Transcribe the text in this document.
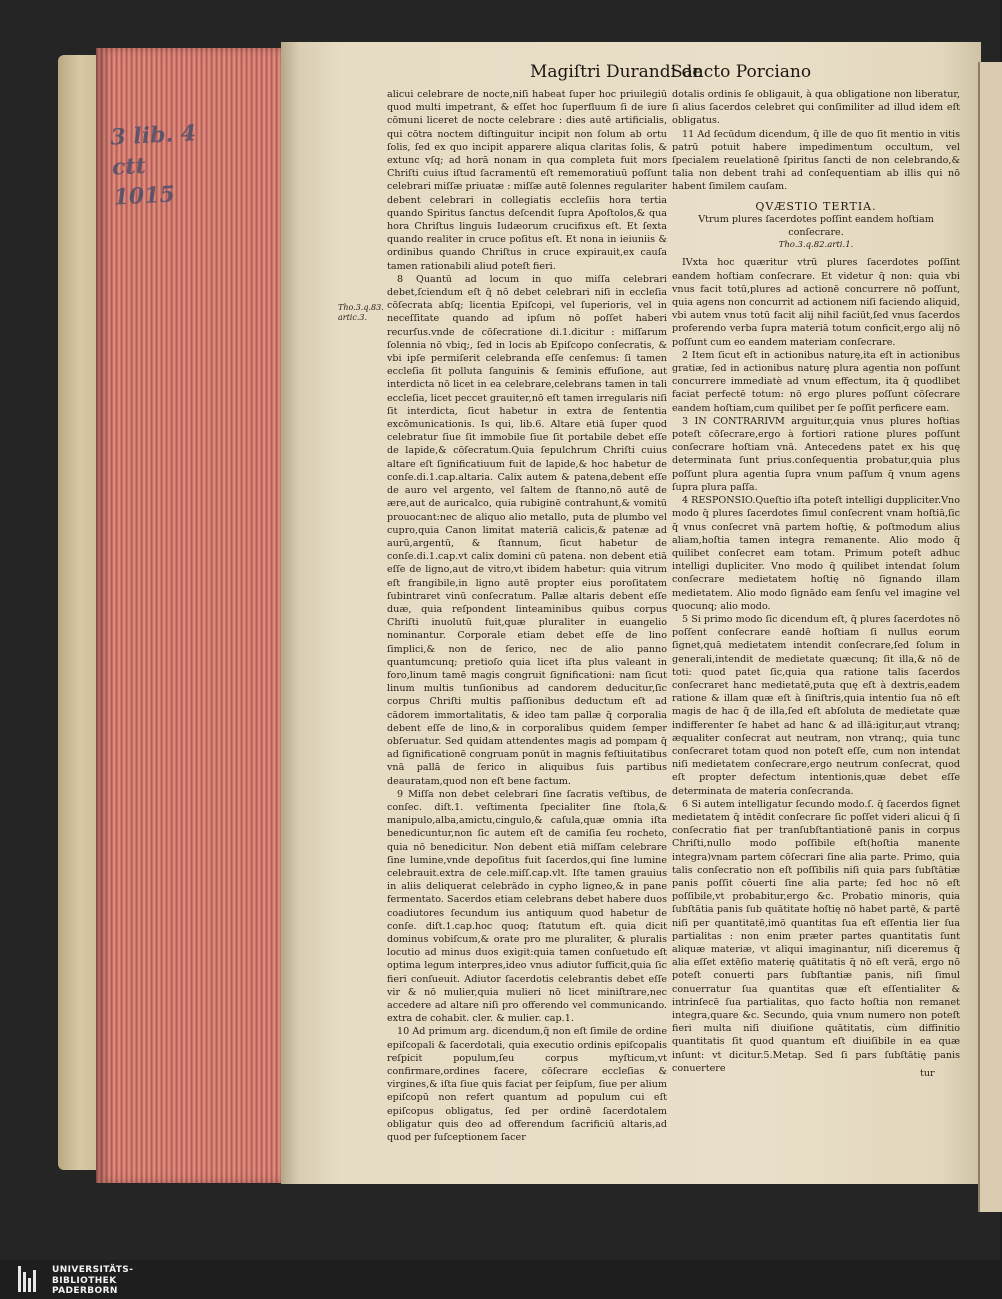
3 lib. 4 ctt
1015
Magiſtri Durandi de
Sancto Porciano
Tho.3.q.83. artic.3.

alicui celebrare de nocte,niſi habeat ſuper hoc priuilegiū quod multi impetrant, & eſſet hoc ſuperfluum ſi de iure cōmuni liceret de nocte celebrare : dies autē artificialis, qui cōtra noctem diſtinguitur incipit non ſolum ab ortu ſolis, ſed ex quo incipit apparere aliqua claritas ſolis, & extunc vſq; ad horā nonam in qua completa fuit mors Chriſti cuius iſtud ſacramentū eſt rememoratiuū poſſunt celebrari miſſæ priuatæ : miſſæ autē ſolennes regulariter debent celebrari in collegiatis eccleſiis hora tertia quando Spiritus ſanctus deſcendit ſupra Apoſtolos,& qua hora Chriſtus linguis Iudæorum crucifixus eſt. Et ſexta quando realiter in cruce poſitus eſt. Et nona in ieiuniis & ordinibus quando Chriſtus in cruce expirauit,ex cauſa tamen rationabili aliud poteſt fieri.

8 Quantū ad locum in quo miſſa celebrari debet,ſciendum eſt q̄ nō debet celebrari niſi in eccleſia cōſecrata abſq; licentia Epiſcopi, vel ſuperioris, vel in neceſſitate quando ad ipſum nō poſſet haberi recurſus.vnde de cōſecratione di.1.dicitur : miſſarum ſolennia nō vbiq;, ſed in locis ab Epiſcopo conſecratis, & vbi ipſe permiſerit celebranda eſſe cenſemus: ſi tamen eccleſia ſit polluta ſanguinis & ſeminis effuſione, aut interdicta nō licet in ea celebrare,celebrans tamen in tali eccleſia, licet peccet grauiter,nō eſt tamen irregularis niſi ſit interdicta, ſicut habetur in extra de ſententia excōmunicationis. Is qui, lib.6. Altare etiā ſuper quod celebratur ſiue ſit immobile ſiue ſit portabile debet eſſe de lapide,& cōſecratum.Quia ſepulchrum Chriſti cuius altare eſt ſignificatiuum fuit de lapide,& hoc habetur de conſe.di.1.cap.altaria. Calix autem & patena,debent eſſe de auro vel argento, vel ſaltem de ſtanno,nō autē de ære,aut de auricalco, quia rubiginē contrahunt,& vomitū prouocant:nec de aliquo alio metallo, puta de plumbo vel cupro,quia Canon limitat materiā calicis,& patenæ ad aurū,argentū, & ſtannum, ſicut habetur de conſe.di.1.cap.vt calix domini cū patena. non debent etiā eſſe de ligno,aut de vitro,vt ibidem habetur: quia vitrum eſt frangibile,in ligno autē propter eius poroſitatem ſubintraret vinū conſecratum. Pallæ altaris debent eſſe duæ, quia reſpondent linteaminibus quibus corpus Chriſti inuolutū fuit,quæ pluraliter in euangelio nominantur. Corporale etiam debet eſſe de lino ſimplici,& non de ſerico, nec de alio panno quantumcunq; pretioſo quia licet iſta plus valeant in foro,linum tamē magis congruit ſignificationi: nam ſicut linum multis tunſionibus ad candorem deducitur,ſic corpus Chriſti multis paſſionibus deductum eſt ad cādorem immortalitatis, & ideo tam pallæ q̄ corporalia debent eſſe de lino,& in corporalibus quidem ſemper obſeruatur. Sed quidam attendentes magis ad pompam q̄ ad ſignificationē congruam ponūt in magnis feſtiuitatibus vnā pallā de ſerico in aliquibus ſuis partibus deauratam,quod non eſt bene factum.

9 Miſſa non debet celebrari ſine ſacratis veſtibus, de conſec. diſt.1. veſtimenta ſpecialiter ſine ſtola,& manipulo,alba,amictu,cingulo,& caſula,quæ omnia iſta benedicuntur,non ſic autem eſt de camiſia ſeu rocheto, quia nō benedicitur. Non debent etiā miſſam celebrare ſine lumine,vnde depoſitus fuit ſacerdos,qui ſine lumine celebrauit.extra de cele.miſſ.cap.vlt. Iſte tamen grauius in aliis deliquerat celebrādo in cypho ligneo,& in pane fermentato. Sacerdos etiam celebrans debet habere duos coadiutores ſecundum ius antiquum quod habetur de conſe. diſt.1.cap.hoc quoq; ſtatutum eſt. quia dicit dominus vobiſcum,& orate pro me pluraliter, & pluralis locutio ad minus duos exigit:quia tamen conſuetudo eſt optima legum interpres,ideo vnus adiutor ſufficit,quia ſic fieri conſueuit. Adiutor ſacerdotis celebrantis debet eſſe vir & nō mulier,quia mulieri nō licet miniſtrare,nec accedere ad altare niſi pro offerendo vel communicando. extra de cohabit. cler. & mulier. cap.1.

10 Ad primum arg. dicendum,q̄ non eſt ſimile de ordine epiſcopali & ſacerdotali, quia executio ordinis epiſcopalis reſpicit populum,ſeu corpus myſticum,vt confirmare,ordines facere, cōſecrare eccleſias & virgines,& iſta ſiue quis faciat per ſeipſum, ſiue per alium epiſcopū non refert quantum ad populum cui eſt epiſcopus obligatus, ſed per ordinē ſacerdotalem obligatur quis deo ad offerendum ſacrificiū altaris,ad quod per ſuſceptionem ſacer

dotalis ordinis ſe obligauit, à qua obligatione non liberatur, ſi alius ſacerdos celebret qui conſimiliter ad illud idem eſt obligatus.

11 Ad ſecūdum dicendum, q̄ ille de quo ſit mentio in vitis patrū potuit habere impedimentum occultum, vel ſpecialem reuelationē ſpiritus ſancti de non celebrando,& talia non debent trahi ad conſequentiam ab illis qui nō habent ſimilem cauſam.

QVÆSTIO TERTIA.

Vtrum plures ſacerdotes poſſint eandem hoſtiam conſecrare.

Tho.3.q.82.arti.1.

IVxta hoc quæritur vtrū plures ſacerdotes poſſint eandem hoſtiam conſecrare. Et videtur q̄ non: quia vbi vnus facit totū,plures ad actionē concurrere nō poſſunt, quia agens non concurrit ad actionem niſi faciendo aliquid, vbi autem vnus totū facit alij nihil faciūt,ſed vnus ſacerdos proferendo verba ſupra materiā totum conficit,ergo alij nō poſſunt cum eo eandem materiam conſecrare.

2 Item ſicut eſt in actionibus naturę,ita eſt in actionibus gratiæ, ſed in actionibus naturę plura agentia non poſſunt concurrere immediatè ad vnum effectum, ita q̄ quodlibet faciat perfectē totum: nō ergo plures poſſunt cōſecrare eandem hoſtiam,cum quilibet per ſe poſſit perficere eam.

3 IN CONTRARIVM arguitur,quia vnus plures hoſtias poteſt cōſecrare,ergo à fortiori ratione plures poſſunt conſecrare hoſtiam vnā. Antecedens patet ex his quę determinata ſunt prius.conſequentia probatur,quia plus poſſunt plura agentia ſupra vnum paſſum q̄ vnum agens ſupra plura paſſa.

4 RESPONSIO.Queſtio iſta poteſt intelligi duppliciter.Vno modo q̄ plures ſacerdotes ſimul conſecrent vnam hoſtiā,ſic q̄ vnus conſecret vnā partem hoſtię, & poſtmodum alius aliam,hoſtia tamen integra remanente. Alio modo q̄ quilibet conſecret eam totam. Primum poteſt adhuc intelligi dupliciter. Vno modo q̄ quilibet intendat ſolum conſecrare medietatem hoſtię nō ſignando illam medietatem. Alio modo ſignādo eam ſenſu vel imagine vel quocunq; alio modo.

5 Si primo modo ſic dicendum eſt, q̄ plures ſacerdotes nō poſſent conſecrare eandē hoſtiam ſi nullus eorum ſignet,quā medietatem intendit conſecrare,ſed ſolum in generali,intendit de medietate quæcunq; ſit illa,& nō de toti: quod patet ſic,quia qua ratione talis ſacerdos conſecraret hanc medietatē,puta quę eſt à dextris,eadem ratione & illam quæ eſt à ſiniſtris,quia intentio ſua nō eſt magis de hac q̄ de illa,ſed eſt abſoluta de medietate quæ indifferenter ſe habet ad hanc & ad illā:igitur,aut vtranq; æqualiter conſecrat aut neutram, non vtranq;, quia tunc conſecraret totam quod non poteſt eſſe, cum non intendat niſi medietatem conſecrare,ergo neutrum conſecrat, quod eſt propter defectum intentionis,quæ debet eſſe determinata de materia conſecranda.

6 Si autem intelligatur ſecundo modo.ſ. q̄ ſacerdos ſignet medietatem q̄ intēdit conſecrare ſic poſſet videri alicui q̄ ſi conſecratio fiat per tranſubſtantiationē panis in corpus Chriſti,nullo modo poſſibile eſt(hoſtia manente integra)vnam partem cōſecrari ſine alia parte. Primo, quia talis conſecratio non eſt poſſibilis niſi quia pars ſubſtātiæ panis poſſit cōuerti ſine alia parte; ſed hoc nō eſt poſſibile,vt probabitur,ergo &c. Probatio minoris, quia ſubſtātia panis ſub quātitate hoſtię nō habet partē, & partē niſi per quantitatē,imō quantitas ſua eſt eſſentia lier ſua partialitas : non enim præter partes quantitatis ſunt aliquæ materiæ, vt aliqui imaginantur, niſi diceremus q̄ alia eſſet extēſio materię quātitatis q̄ nō eſt verā, ergo nō poteſt conuerti pars ſubſtantiæ panis, niſi ſimul conuerratur ſua quantitas quæ eſt eſſentialiter & intrinſecē ſua partialitas, quo facto hoſtia non remanet integra,quare &c. Secundo, quia vnum numero non poteſt fieri multa niſi diuiſione quātitatis, cùm diffinitio quantitatis ſit quod quantum eſt diuiſibile in ea quæ inſunt: vt dicitur.5.Metap. Sed ſi pars ſubſtātię panis conuertere	tur
UNIVERSITÄTS-
BIBLIOTHEK
PADERBORN
